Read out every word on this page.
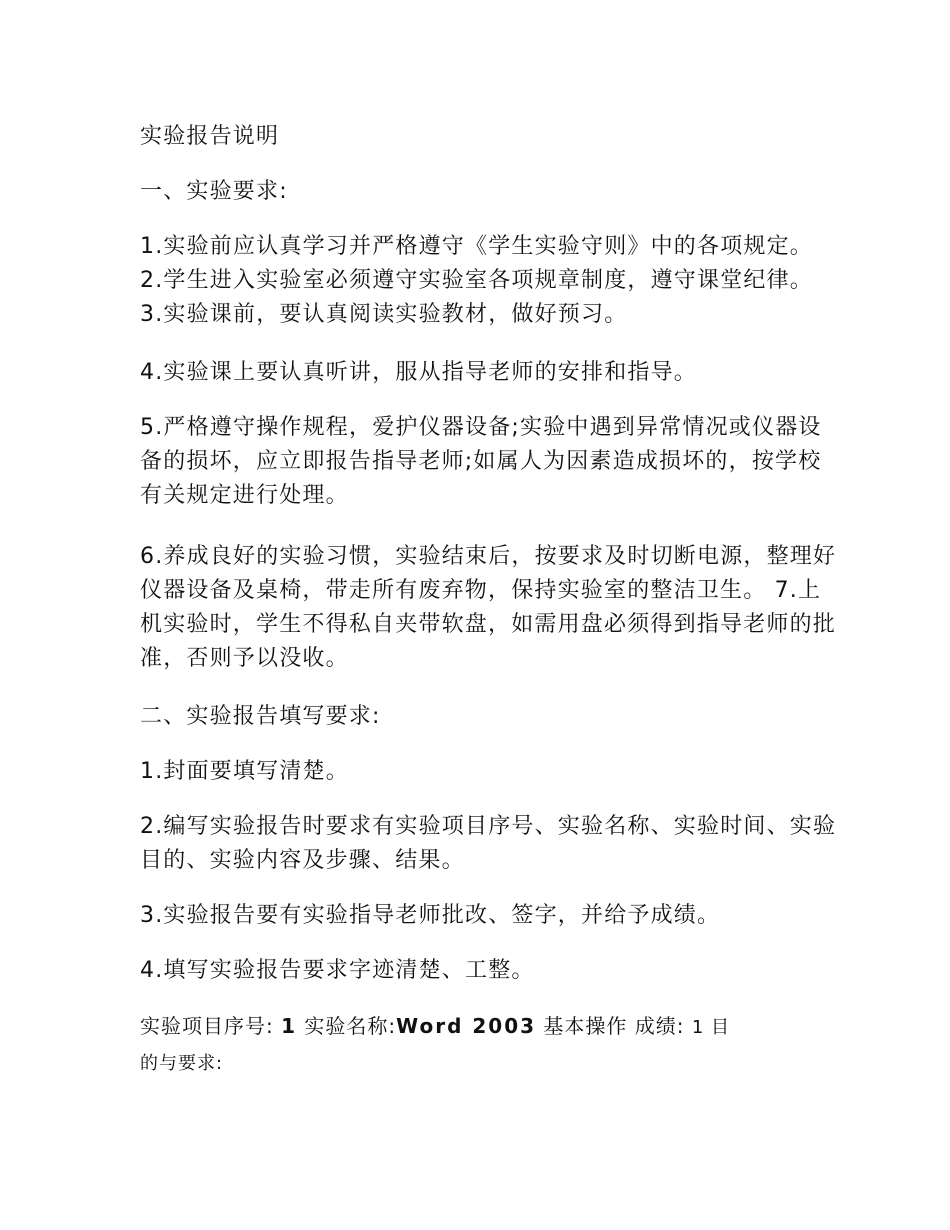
实验报告说明
一、实验要求:
1.实验前应认真学习并严格遵守《学生实验守则》中的各项规定。 2.学生进入实验室必须遵守实验室各项规章制度，遵守课堂纪律。 3.实验课前，要认真阅读实验教材，做好预习。
4.实验课上要认真听讲，服从指导老师的安排和指导。
5.严格遵守操作规程，爱护仪器设备;实验中遇到异常情况或仪器设备的损坏，应立即报告指导老师;如属人为因素造成损坏的，按学校有关规定进行处理。
6.养成良好的实验习惯，实验结束后，按要求及时切断电源，整理好仪器设备及桌椅，带走所有废弃物，保持实验室的整洁卫生。 7.上机实验时，学生不得私自夹带软盘，如需用盘必须得到指导老师的批准，否则予以没收。
二、实验报告填写要求:
1.封面要填写清楚。
2.编写实验报告时要求有实验项目序号、实验名称、实验时间、实验目的、实验内容及步骤、结果。
3.实验报告要有实验指导老师批改、签字，并给予成绩。
4.填写实验报告要求字迹清楚、工整。
实验项目序号: 1 实验名称:Word 2003 基本操作 成绩: 1 目
的与要求:
